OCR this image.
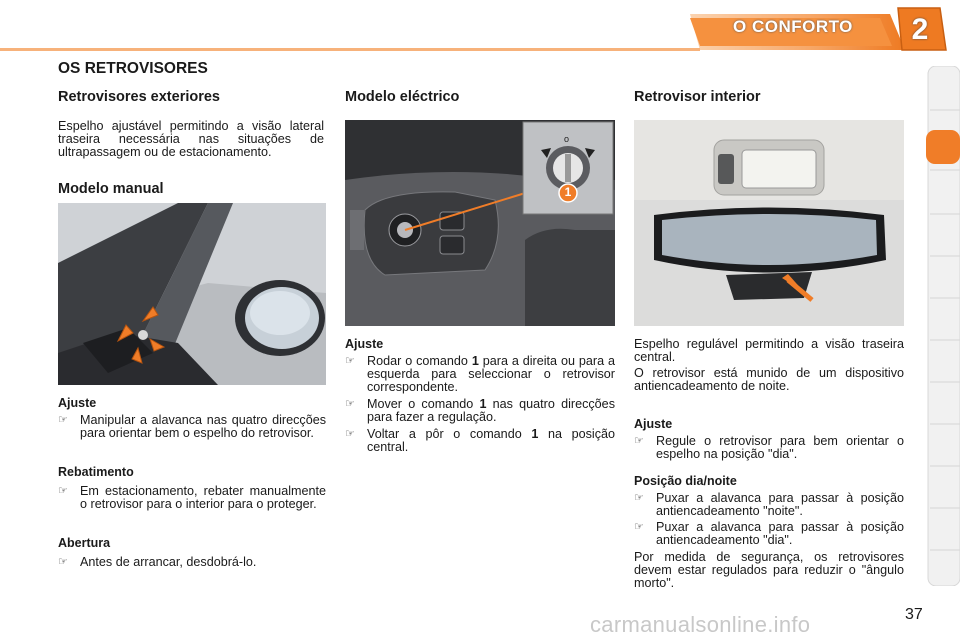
O CONFORTO	2
OS RETROVISORES
Retrovisores exteriores
Espelho ajustável permitindo a visão lateral traseira necessária nas situações de ultrapassagem ou de estacionamento.
Modelo manual
Ajuste
☞ Manipular a alavanca nas quatro direcções para orientar bem o espelho do retrovisor.
Rebatimento
☞ Em estacionamento, rebater manualmente o retrovisor para o interior para o proteger.
Abertura
☞ Antes de arrancar, desdobrá-lo.
Modelo eléctrico
o
1
Ajuste
☞ Rodar o comando 1 para a direita ou para a esquerda para seleccionar o retrovisor correspondente.
☞ Mover o comando 1 nas quatro direcções para fazer a regulação.
☞ Voltar a pôr o comando 1 na posição central.
Retrovisor interior
Espelho regulável permitindo a visão traseira central.
O retrovisor está munido de um dispositivo antiencadeamento de noite.
Ajuste
☞ Regule o retrovisor para bem orientar o espelho na posição "dia".
Posição dia/noite
☞ Puxar a alavanca para passar à posição antiencadeamento "noite".
☞ Puxar a alavanca para passar à posição antiencadeamento "dia".
Por medida de segurança, os retrovisores devem estar regulados para reduzir o "ângulo morto".
carmanualsonline.info	37
